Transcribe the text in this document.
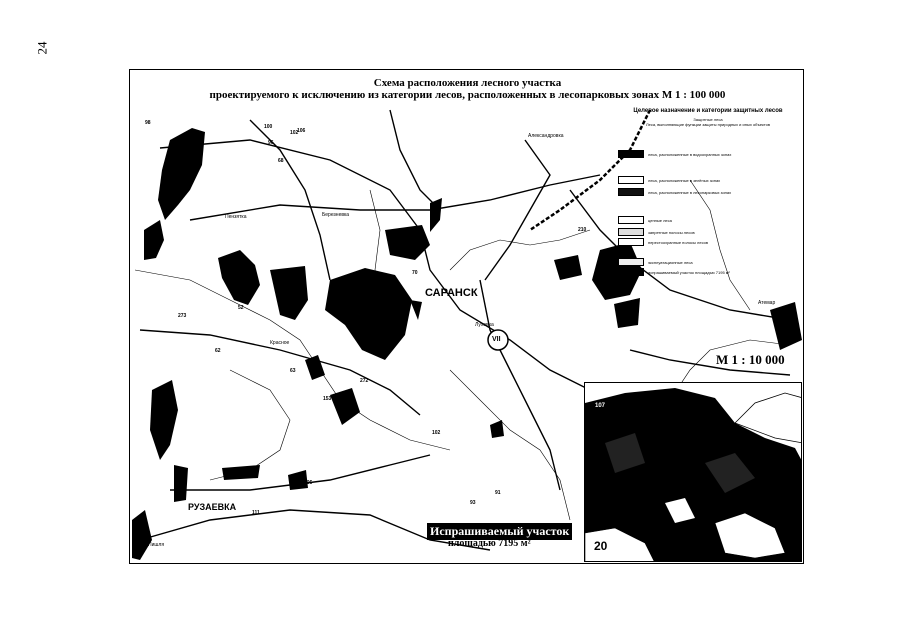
24
Схема расположения лесного участка
проектируемого к исключению из категории лесов, расположенных в лесопарковых зонах М 1 : 100 000
Целевое назначение и категории защитных лесов
Защитные леса
Леса, выполняющие функции защиты природных и иных объектов
леса, расположенные в водоохранных зонах
леса, расположенные в зелёных зонах
леса, расположенные в лесопарковых зонах
ценные леса
запретные полосы лесов
нерестоохранные полосы лесов
эксплуатационные леса
испрашиваемый участок площадью 7195 м²
САРАНСК
РУЗАЕВКА
Пензятка	Березневка
Александровка
Атемар
Луховка
Красное
Тат. Пишля
VII
98
100
106
96
68
70
210
272
273
52
62
63
153
102
91
93
111
106
102
М 1 : 10 000
107
20
Испрашиваемый участок
площадью 7195 м²
